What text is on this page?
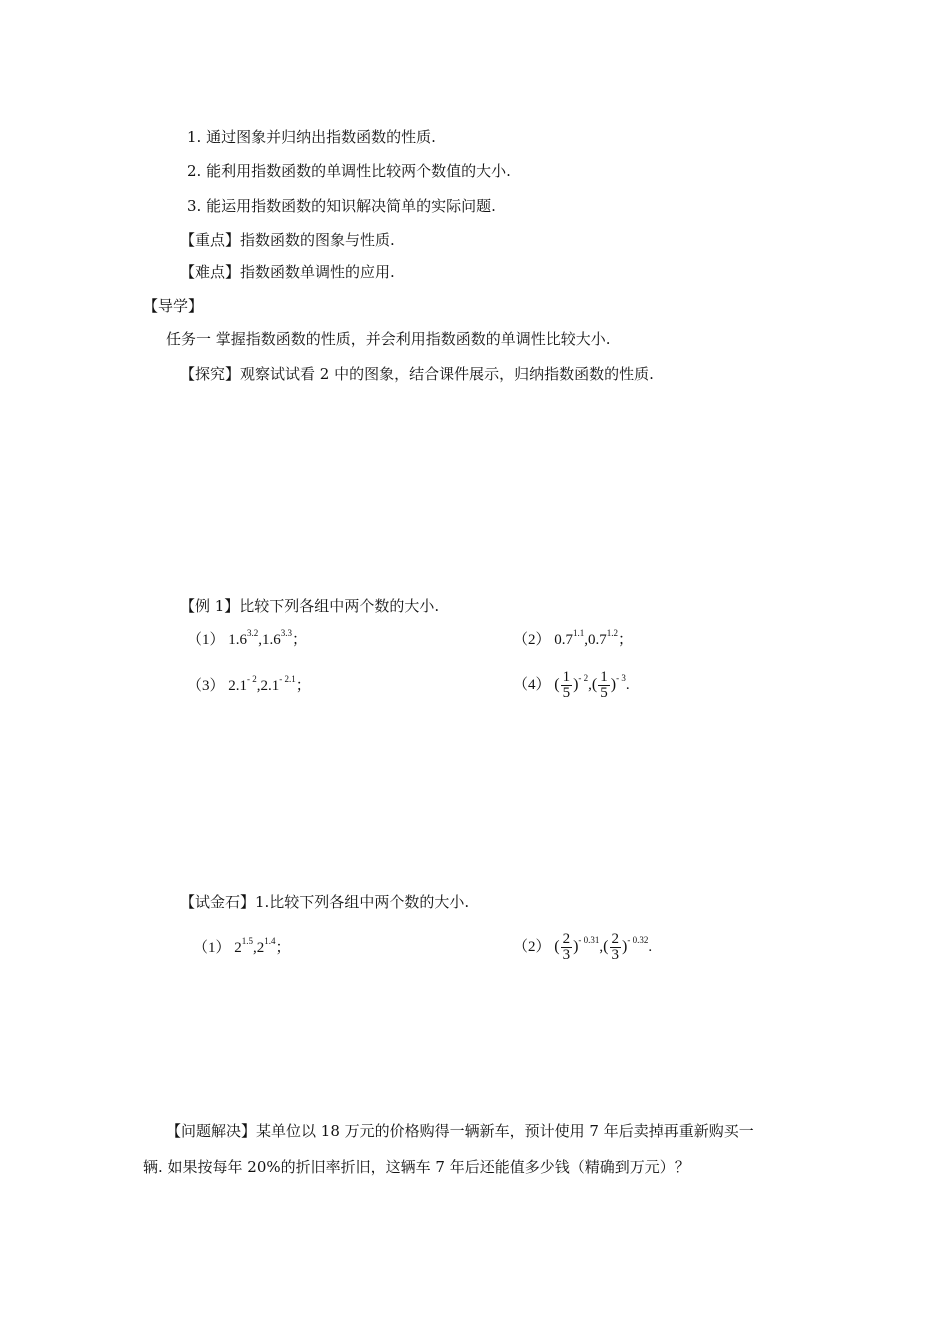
1. 通过图象并归纳出指数函数的性质.
2. 能利用指数函数的单调性比较两个数值的大小.
3. 能运用指数函数的知识解决简单的实际问题.
【重点】指数函数的图象与性质.
【难点】指数函数单调性的应用.
【导学】
任务一 掌握指数函数的性质，并会利用指数函数的单调性比较大小.
【探究】观察试试看 2 中的图象，结合课件展示，归纳指数函数的性质.
【例 1】比较下列各组中两个数的大小.
（1） $1.6^{3.2},1.6^{3.3}$；	（2） $0.7^{1.1},0.7^{1.2}$；
（3） $2.1^{- 2},2.1^{- 2.1}$；	（4） ( $\frac{1}{5} )^{- 2},( \frac{1}{5} )^{- 3}$.
【试金石】1.比较下列各组中两个数的大小.
（1） $2^{1.5},2^{1.4}$；	（2） ( $\frac{2}{3} )^{- 0.31},( \frac{2}{3} )^{- 0.32}$.
【问题解决】某单位以 18 万元的价格购得一辆新车，预计使用 7 年后卖掉再重新购买一
辆. 如果按每年 20%的折旧率折旧，这辆车 7 年后还能值多少钱（精确到万元）？
